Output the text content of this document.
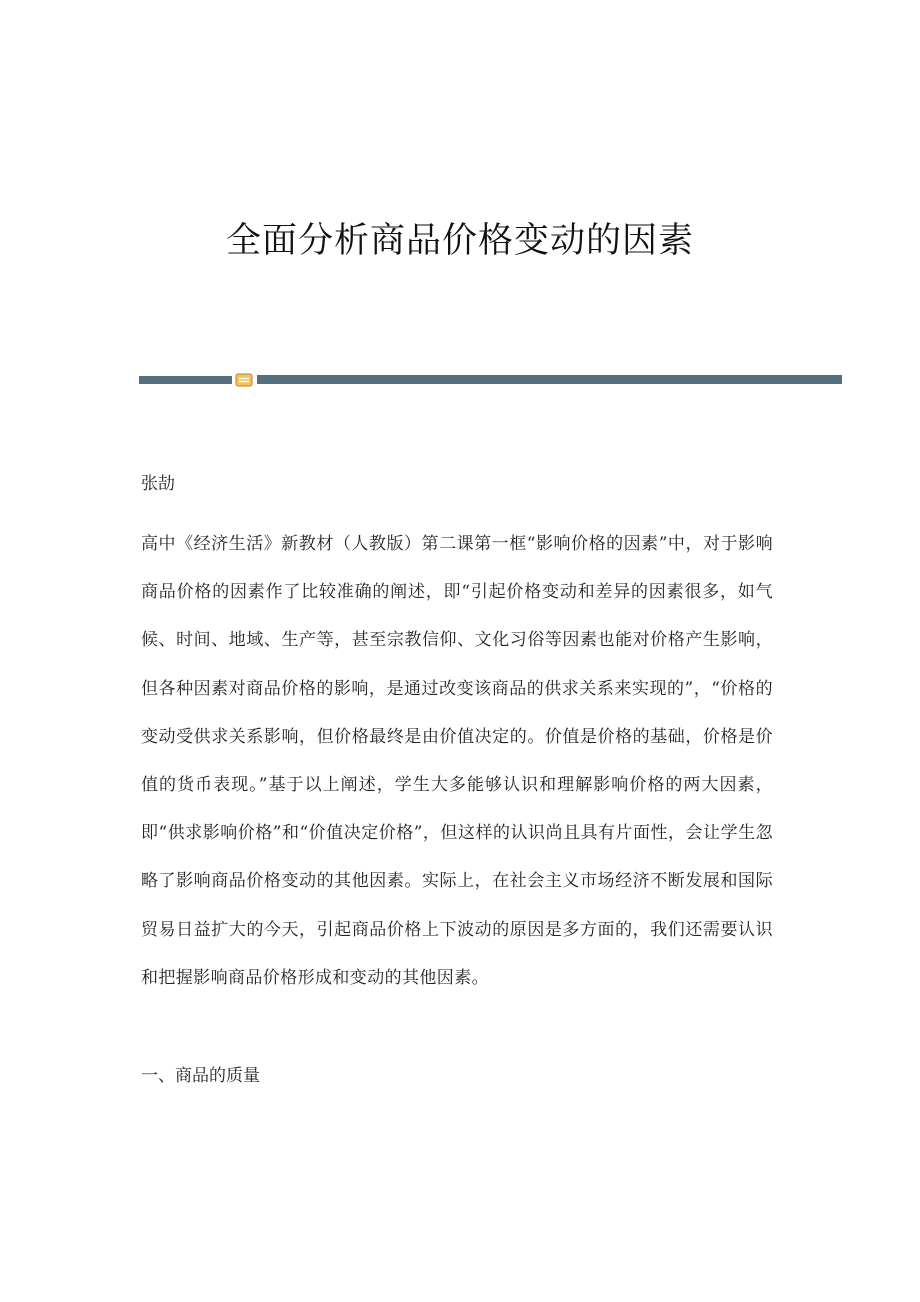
全面分析商品价格变动的因素
张劼

高中《经济生活》新教材（人教版）第二课第一框“影响价格的因素”中，对于影响商品价格的因素作了比较准确的阐述，即“引起价格变动和差异的因素很多，如气候、时间、地域、生产等，甚至宗教信仰、文化习俗等因素也能对价格产生影响，但各种因素对商品价格的影响，是通过改变该商品的供求关系来实现的”，“价格的变动受供求关系影响，但价格最终是由价值决定的。价值是价格的基础，价格是价值的货币表现。”基于以上阐述，学生大多能够认识和理解影响价格的两大因素，即“供求影响价格”和“价值决定价格”，但这样的认识尚且具有片面性，会让学生忽略了影响商品价格变动的其他因素。实际上，在社会主义市场经济不断发展和国际贸易日益扩大的今天，引起商品价格上下波动的原因是多方面的，我们还需要认识和把握影响商品价格形成和变动的其他因素。

一、商品的质量
